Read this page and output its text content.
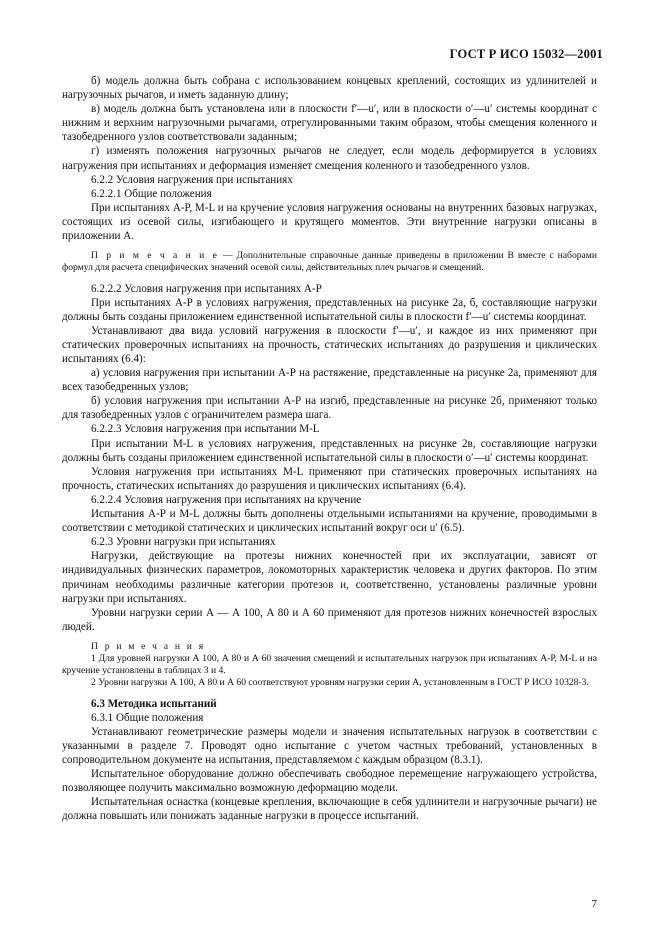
ГОСТ Р ИСО 15032—2001

б) модель должна быть собрана с использованием концевых креплений, состоящих из удлинителей и нагрузочных рычагов, и иметь заданную длину;

в) модель должна быть установлена или в плоскости f′—u′, или в плоскости o′—u′ системы координат с нижним и верхним нагрузочными рычагами, отрегулированными таким образом, чтобы смещения коленного и тазобедренного узлов соответствовали заданным;

г) изменять положения нагрузочных рычагов не следует, если модель деформируется в условиях нагружения при испытаниях и деформация изменяет смещения коленного и тазобедренного узлов.

6.2.2 Условия нагружения при испытаниях

6.2.2.1 Общие положения

При испытаниях А-Р, M-L и на кручение условия нагружения основаны на внутренних базовых нагрузках, состоящих из осевой силы, изгибающего и крутящего моментов. Эти внутренние нагрузки описаны в приложении А.

П р и м е ч а н и е — Дополнительные справочные данные приведены в приложении В вместе с наборами формул для расчета специфических значений осевой силы, действительных плеч рычагов и смещений.

6.2.2.2 Условия нагружения при испытаниях А-Р

При испытаниях А-Р в условиях нагружения, представленных на рисунке 2а, б, составляющие нагрузки должны быть созданы приложением единственной испытательной силы в плоскости f′—u′ системы координат.

Устанавливают два вида условий нагружения в плоскости f′—u′, и каждое из них применяют при статических проверочных испытаниях на прочность, статических испытаниях до разрушения и циклических испытаниях (6.4):

а) условия нагружения при испытании А-Р на растяжение, представленные на рисунке 2а, применяют для всех тазобедренных узлов;

б) условия нагружения при испытании А-Р на изгиб, представленные на рисунке 2б, применяют только для тазобедренных узлов с ограничителем размера шага.

6.2.2.3 Условия нагружения при испытании M-L

При испытании M-L в условиях нагружения, представленных на рисунке 2в, составляющие нагрузки должны быть созданы приложением единственной испытательной силы в плоскости o′—u′ системы координат.

Условия нагружения при испытаниях M-L применяют при статических проверочных испытаниях на прочность, статических испытаниях до разрушения и циклических испытаниях (6.4).

6.2.2.4 Условия нагружения при испытаниях на кручение

Испытания А-Р и M-L должны быть дополнены отдельными испытаниями на кручение, проводимыми в соответствии с методикой статических и циклических испытаний вокруг оси u′ (6.5).

6.2.3 Уровни нагрузки при испытаниях

Нагрузки, действующие на протезы нижних конечностей при их эксплуатации, зависят от индивидуальных физических параметров, локомоторных характеристик человека и других факторов. По этим причинам необходимы различные категории протезов и, соответственно, установлены различные уровни нагрузки при испытаниях.

Уровни нагрузки серии А — А 100, А 80 и А 60 применяют для протезов нижних конечностей взрослых людей.

П р и м е ч а н и я

1 Для уровней нагрузки А 100, А 80 и А 60 значения смещений и испытательных нагрузок при испытаниях А-Р, M-L и на кручение установлены в таблицах 3 и 4.

2 Уровни нагрузки А 100, А 80 и А 60 соответствуют уровням нагрузки серии А, установленным в ГОСТ Р ИСО 10328-3.

6.3 Методика испытаний

6.3.1 Общие положения

Устанавливают геометрические размеры модели и значения испытательных нагрузок в соответствии с указанными в разделе 7. Проводят одно испытание с учетом частных требований, установленных в сопроводительном документе на испытания, представляемом с каждым образцом (8.3.1).

Испытательное оборудование должно обеспечивать свободное перемещение нагружающего устройства, позволяющее получить максимально возможную деформацию модели.

Испытательная оснастка (концевые крепления, включающие в себя удлинители и нагрузочные рычаги) не должна повышать или понижать заданные нагрузки в процессе испытаний.

7
